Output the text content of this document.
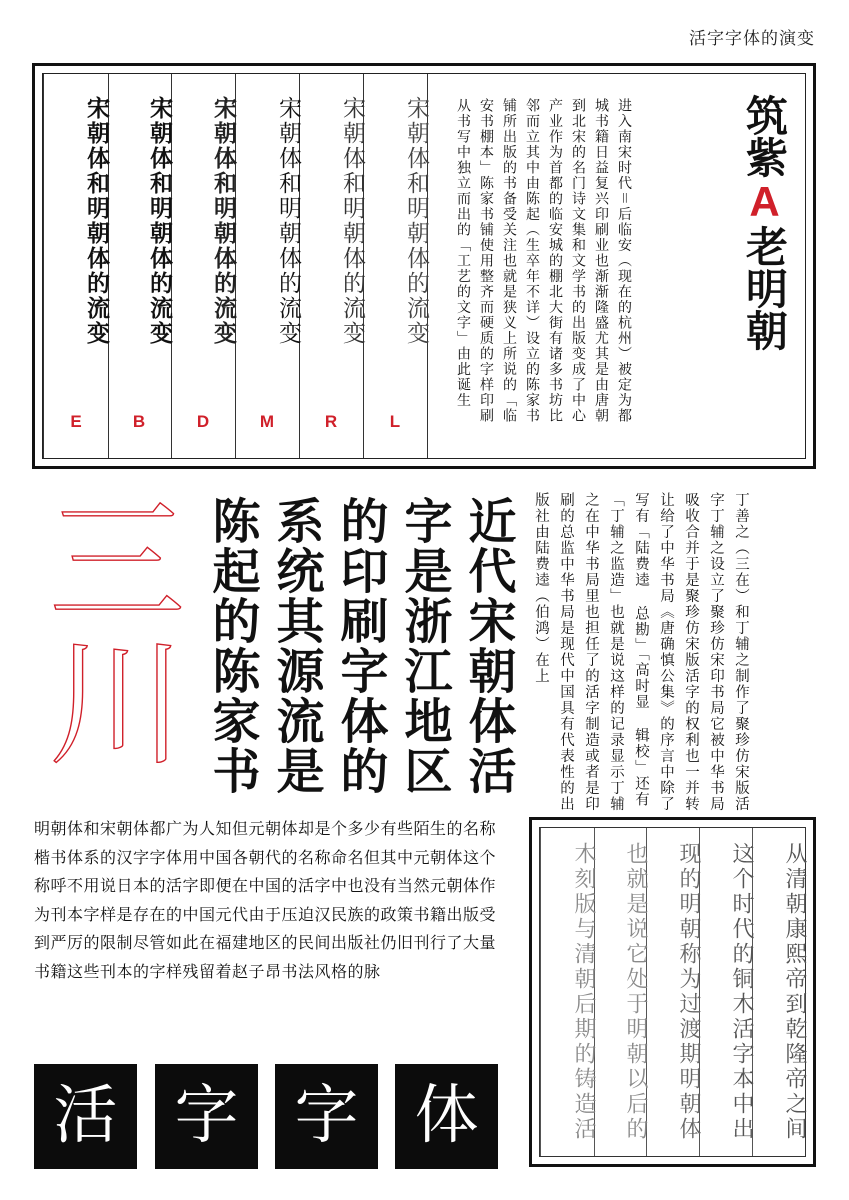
活字字体的演变
宋朝体和明朝体的流变
E
宋朝体和明朝体的流变
B
宋朝体和明朝体的流变
D
宋朝体和明朝体的流变
M
宋朝体和明朝体的流变
R
宋朝体和明朝体的流变
L	进入南宋时代＝后临安（现在的杭州）被定为都城书籍日益复兴印刷业也渐渐隆盛尤其是由唐朝到北宋的名门诗文集和文学书的出版变成了中心产业作为首都的临安城的棚北大街有诸多书坊比邻而立其中由陈起（生卒年不详）设立的陈家书铺所出版的书备受关注也就是狭义上所说的「临安书棚本」陈家书铺使用整齐而硬质的字样印刷从书写中独立而出的「工艺的文字」由此诞生	筑紫A老明朝
三川	近代宋朝体活字是浙江地区的印刷字体的系统其源流是陈起的陈家书	丁善之（三在）和丁辅之制作了聚珍仿宋版活字丁辅之设立了聚珍仿宋印书局它被中华书局吸收合并于是聚珍仿宋版活字的权利也一并转让给了中华书局《唐确慎公集》的序言中除了写有「陆费逵 总勘」「高时显 辑校」还有「丁辅之监造」也就是说这样的记录显示丁辅之在中华书局里也担任了的活字制造或者是印刷的总监中华书局是现代中国具有代表性的出版社由陆费逵（伯鸿）在上
明朝体和宋朝体都广为人知但元朝体却是个多少有些陌生的名称楷书体系的汉字字体用中国各朝代的名称命名但其中元朝体这个称呼不用说日本的活字即便在中国的活字中也没有当然元朝体作为刊本字样是存在的中国元代由于压迫汉民族的政策书籍出版受到严厉的限制尽管如此在福建地区的民间出版社仍旧刊行了大量书籍这些刊本的字样残留着赵子昂书法风格的脉
活 字 字 体	木刻版与清朝后期的铸造活	也就是说它处于明朝以后的	现的明朝称为过渡期明朝体	这个时代的铜木活字本中出	从清朝康熙帝到乾隆帝之间
